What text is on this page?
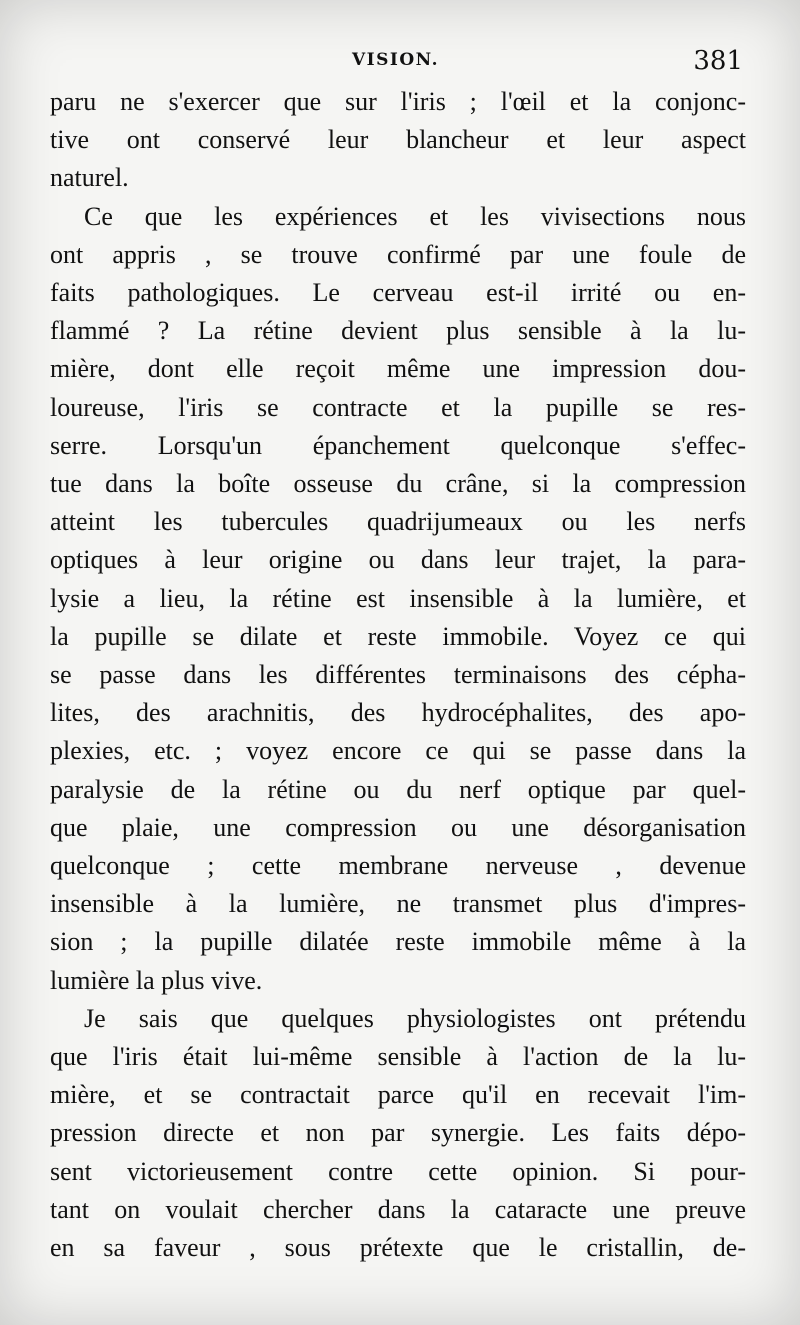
VISION.	381
paru ne s'exercer que sur l'iris ; l'œil et la conjonc-
tive ont conservé leur blancheur et leur aspect
naturel.
Ce que les expériences et les vivisections nous
ont appris , se trouve confirmé par une foule de
faits pathologiques. Le cerveau est-il irrité ou en-
flammé ? La rétine devient plus sensible à la lu-
mière, dont elle reçoit même une impression dou-
loureuse, l'iris se contracte et la pupille se res-
serre. Lorsqu'un épanchement quelconque s'effec-
tue dans la boîte osseuse du crâne, si la compression
atteint les tubercules quadrijumeaux ou les nerfs
optiques à leur origine ou dans leur trajet, la para-
lysie a lieu, la rétine est insensible à la lumière, et
la pupille se dilate et reste immobile. Voyez ce qui
se passe dans les différentes terminaisons des cépha-
lites, des arachnitis, des hydrocéphalites, des apo-
plexies, etc. ; voyez encore ce qui se passe dans la
paralysie de la rétine ou du nerf optique par quel-
que plaie, une compression ou une désorganisation
quelconque ; cette membrane nerveuse , devenue
insensible à la lumière, ne transmet plus d'impres-
sion ; la pupille dilatée reste immobile même à la
lumière la plus vive.
Je sais que quelques physiologistes ont prétendu
que l'iris était lui-même sensible à l'action de la lu-
mière, et se contractait parce qu'il en recevait l'im-
pression directe et non par synergie. Les faits dépo-
sent victorieusement contre cette opinion. Si pour-
tant on voulait chercher dans la cataracte une preuve
en sa faveur , sous prétexte que le cristallin, de-
